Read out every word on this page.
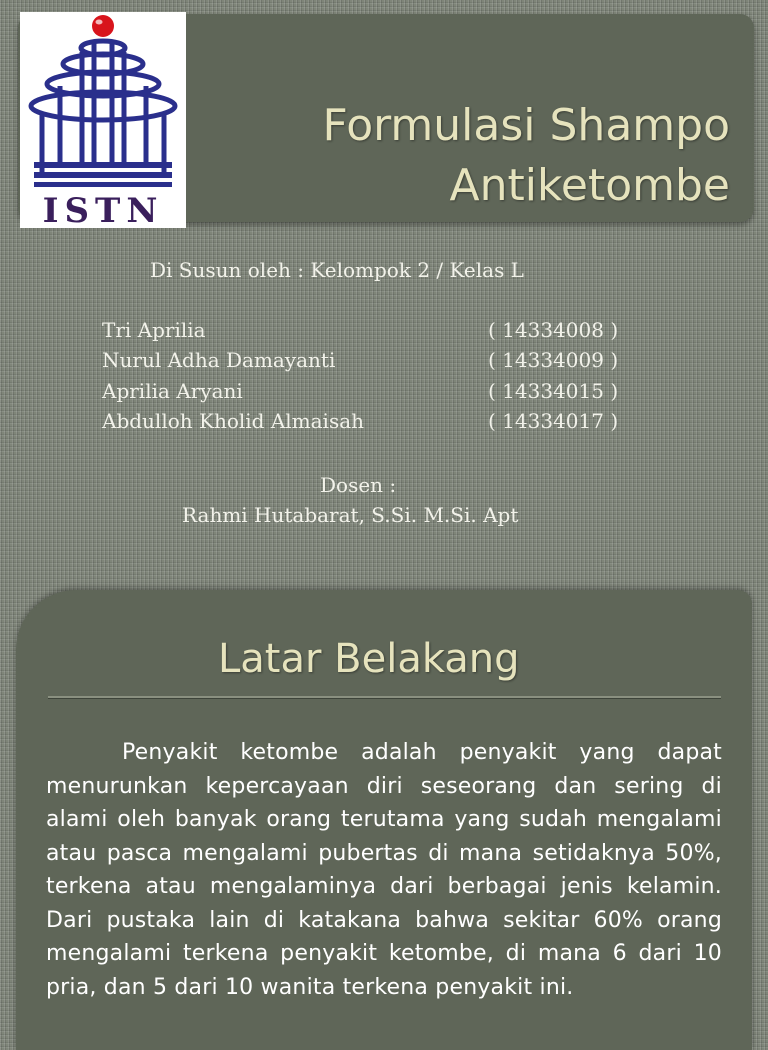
ISTN
Formulasi Shampo
Antiketombe
Di Susun oleh : Kelompok 2 / Kelas L
Tri Aprilia	( 14334008 )
Nurul Adha Damayanti	( 14334009 )
Aprilia Aryani	( 14334015 )
Abdulloh Kholid Almaisah	( 14334017 )
Dosen :
Rahmi Hutabarat, S.Si. M.Si. Apt
Latar Belakang
Penyakit ketombe adalah penyakit yang dapat menurunkan kepercayaan diri seseorang dan sering di alami oleh banyak orang terutama yang sudah mengalami atau pasca mengalami pubertas di mana setidaknya 50%, terkena atau mengalaminya dari berbagai jenis kelamin. Dari pustaka lain di katakana bahwa sekitar 60% orang mengalami terkena penyakit ketombe, di mana 6 dari 10 pria, dan 5 dari 10 wanita terkena penyakit ini.
